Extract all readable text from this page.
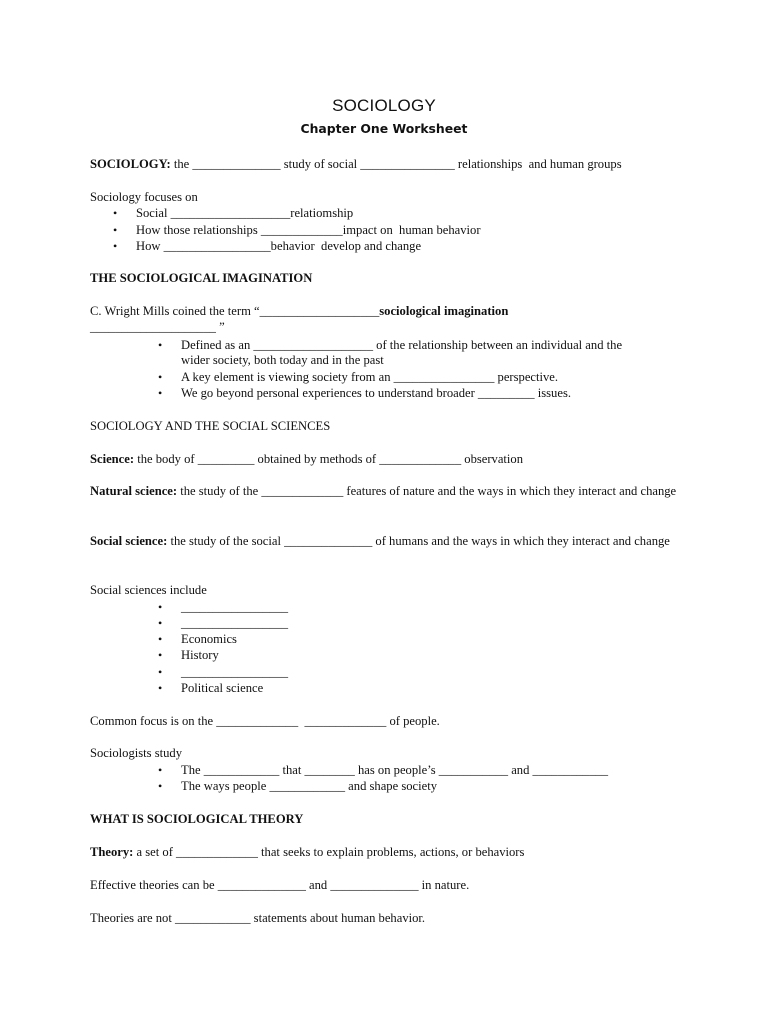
SOCIOLOGY
Chapter One Worksheet
SOCIOLOGY: the ______________ study of social _______________ relationships  and human groups
Sociology focuses on
• Social ___________________relatiomship
• How those relationships _____________impact on  human behavior
• How _________________behavior  develop and change
THE SOCIOLOGICAL IMAGINATION
C. Wright Mills coined the term “___________________sociological imagination
____________________ ”
• Defined as an ___________________ of the relationship between an individual and the
wider society, both today and in the past
• A key element is viewing society from an ________________ perspective.
• We go beyond personal experiences to understand broader _________ issues.
SOCIOLOGY AND THE SOCIAL SCIENCES
Science: the body of _________ obtained by methods of _____________ observation
Natural science: the study of the _____________ features of nature and the ways in which they interact and change
Social science: the study of the social ______________ of humans and the ways in which they interact and change
Social sciences include
• _________________
• _________________
• Economics
• History
• _________________
• Political science
Common focus is on the _____________  _____________ of people.
Sociologists study
• The ____________ that ________ has on people’s ___________ and ____________
• The ways people ____________ and shape society
WHAT IS SOCIOLOGICAL THEORY
Theory: a set of _____________ that seeks to explain problems, actions, or behaviors
Effective theories can be ______________ and ______________ in nature.
Theories are not ____________ statements about human behavior.
